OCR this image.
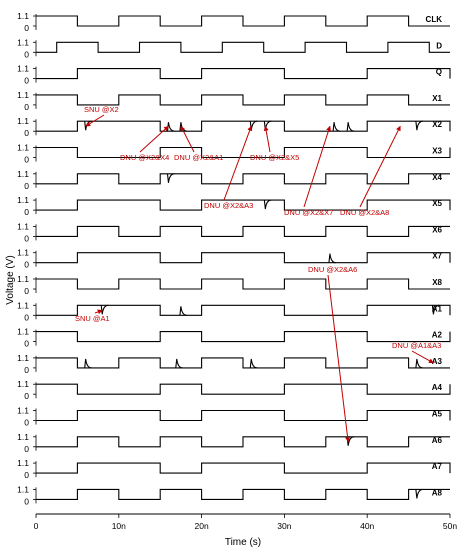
1.1
0
CLK
1.1
0
D
1.1
0
Q
1.1
0
X1
1.1
0
X2
1.1
0
X3
1.1
0
X4
1.1
0
X5
1.1
0
X6
1.1
0
X7
1.1
0
X8
1.1
0
A1
1.1
0
A2
1.1
0
A3
1.1
0
A4
1.1
0
A5
1.1
0
A6
1.1
0
A7
1.1
0
A8
0	10n	20n	30n	40n	50n
Time (s)
Voltage (V)
SNU @X2
DNU @X2&X4 DNU @X2&A1	DNU @X2&X5
DNU @X2&A3
DNU @X2&X7 DNU @X2&A8
DNU @X2&A6
SNU @A1
DNU @A1&A3
